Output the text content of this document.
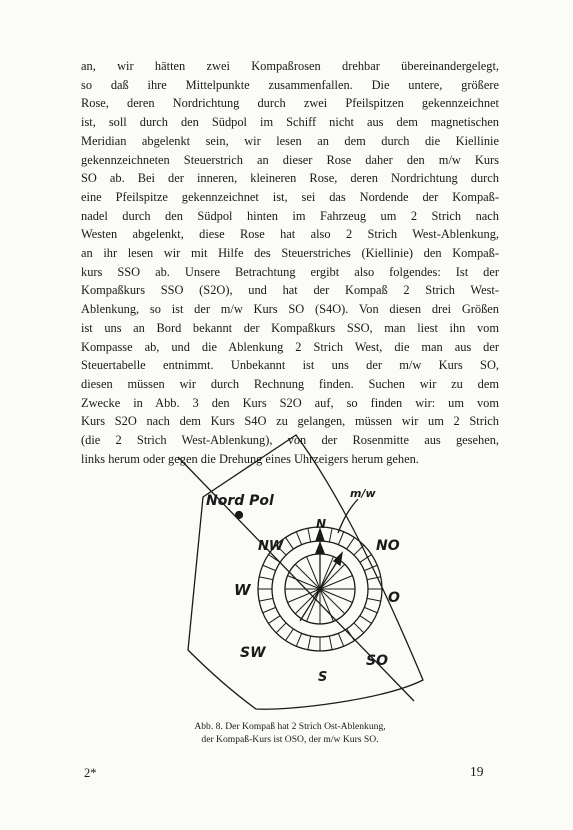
an, wir hätten zwei Kompaßrosen drehbar übereinandergelegt,
so daß ihre Mittelpunkte zusammenfallen. Die untere, größere
Rose, deren Nordrichtung durch zwei Pfeilspitzen gekennzeichnet
ist, soll durch den Südpol im Schiff nicht aus dem magnetischen
Meridian abgelenkt sein, wir lesen an dem durch die Kiellinie
gekennzeichneten Steuerstrich an dieser Rose daher den m/w Kurs
SO ab. Bei der inneren, kleineren Rose, deren Nordrichtung durch
eine Pfeilspitze gekennzeichnet ist, sei das Nordende der Kompaß-
nadel durch den Südpol hinten im Fahrzeug um 2 Strich nach
Westen abgelenkt, diese Rose hat also 2 Strich West-Ablenkung,
an ihr lesen wir mit Hilfe des Steuerstriches (Kiellinie) den Kompaß-
kurs SSO ab. Unsere Betrachtung ergibt also folgendes: Ist der
Kompaßkurs SSO (S2O), und hat der Kompaß 2 Strich West-
Ablenkung, so ist der m/w Kurs SO (S4O). Von diesen drei Größen
ist uns an Bord bekannt der Kompaßkurs SSO, man liest ihn vom
Kompasse ab, und die Ablenkung 2 Strich West, die man aus der
Steuertabelle entnimmt. Unbekannt ist uns der m/w Kurs SO,
diesen müssen wir durch Rechnung finden. Suchen wir zu dem
Zwecke in Abb. 3 den Kurs S2O auf, so finden wir: um vom
Kurs S2O nach dem Kurs S4O zu gelangen, müssen wir um 2 Strich
(die 2 Strich West-Ablenkung), von der Rosenmitte aus gesehen,
links herum oder gegen die Drehung eines Uhrzeigers herum gehen.

Nord Pol	m/w
N
NW	NO
W	O
SW	SO
S
Abb. 8. Der Kompaß hat 2 Strich Ost-Ablenkung,
der Kompaß-Kurs ist OSO, der m/w Kurs SO.
2*	19
